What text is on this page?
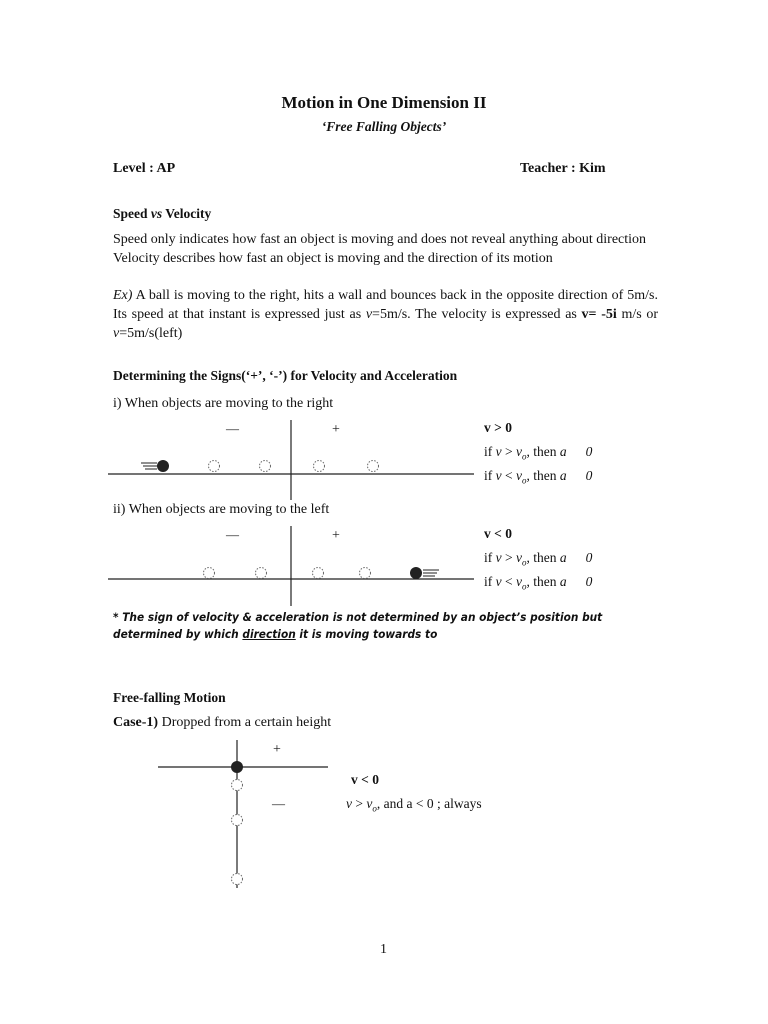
Motion in One Dimension II
‘Free Falling Objects’
Level : AP	Teacher : Kim
Speed vs Velocity
Speed only indicates how fast an object is moving and does not reveal anything about direction
Velocity describes how fast an object is moving and the direction of its motion
Ex) A ball is moving to the right, hits a wall and bounces back in the opposite direction of 5m/s. Its speed at that instant is expressed just as v=5m/s. The velocity is expressed as v= -5i m/s or v=5m/s(left)
Determining the Signs(‘+’, ‘-’) for Velocity and Acceleration
i) When objects are moving to the right
—	+	v > 0
if $v > v_o$, then a 0
if $v < v_o$, then a 0
ii) When objects are moving to the left
—	+	v < 0
if $v > v_o$, then a 0
if $v < v_o$, then a 0
* The sign of velocity & acceleration is not determined by an object’s position but determined by which direction it is moving towards to
Free-falling Motion
Case-1) Dropped from a certain height
+
—
v < 0
$v > v_o$, and a < 0 ; always
1
